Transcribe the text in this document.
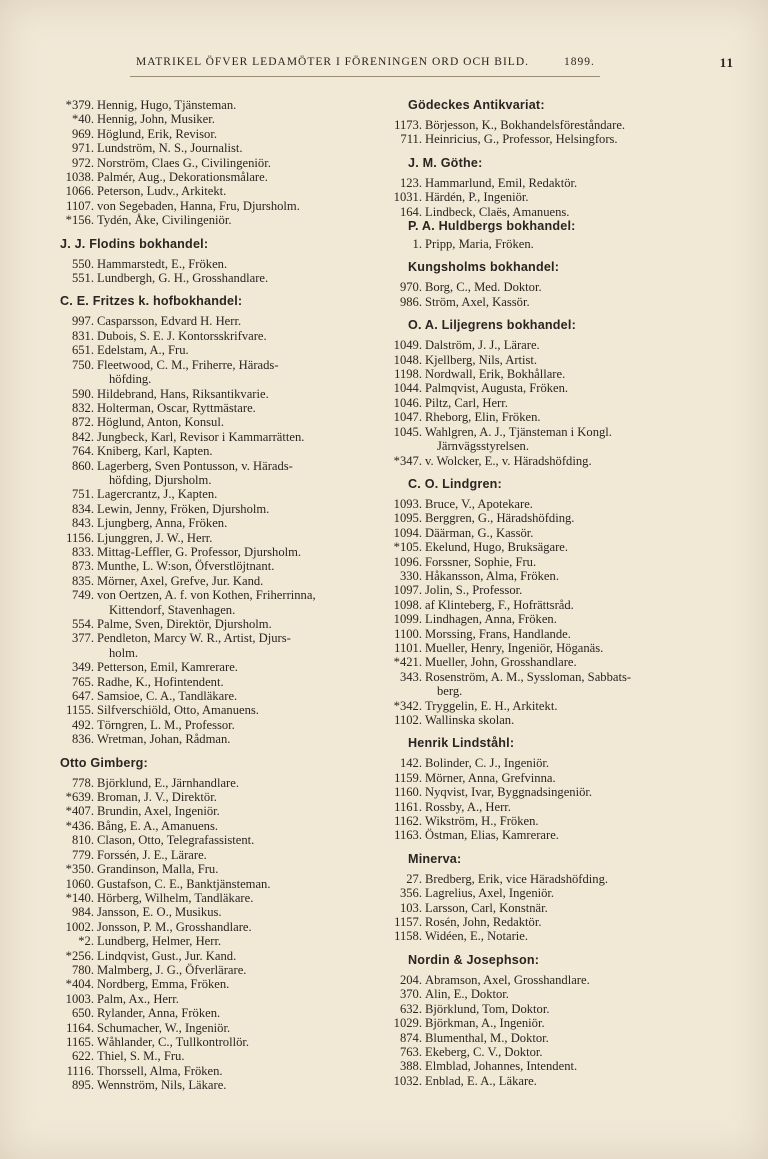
MATRIKEL ÖFVER LEDAMÖTER I FÖRENINGEN ORD OCH BILD.	1899.	11
*379. Hennig, Hugo, Tjänsteman.
*40. Hennig, John, Musiker.
969. Höglund, Erik, Revisor.
971. Lundström, N. S., Journalist.
972. Norström, Claes G., Civilingeniör.
1038. Palmér, Aug., Dekorationsmålare.
1066. Peterson, Ludv., Arkitekt.
1107. von Segebaden, Hanna, Fru, Djursholm.
*156. Tydén, Åke, Civilingeniör.
J. J. Flodins bokhandel:
550. Hammarstedt, E., Fröken.
551. Lundbergh, G. H., Grosshandlare.
C. E. Fritzes k. hofbokhandel:
997. Casparsson, Edvard H. Herr.
831. Dubois, S. E. J. Kontorsskrifvare.
651. Edelstam, A., Fru.
750. Fleetwood, C. M., Friherre, Härads-
höfding.
590. Hildebrand, Hans, Riksantikvarie.
832. Holterman, Oscar, Ryttmästare.
872. Höglund, Anton, Konsul.
842. Jungbeck, Karl, Revisor i Kammarrätten.
764. Kniberg, Karl, Kapten.
860. Lagerberg, Sven Pontusson, v. Härads-
höfding, Djursholm.
751. Lagercrantz, J., Kapten.
834. Lewin, Jenny, Fröken, Djursholm.
843. Ljungberg, Anna, Fröken.
1156. Ljunggren, J. W., Herr.
833. Mittag-Leffler, G. Professor, Djursholm.
873. Munthe, L. W:son, Öfverstlöjtnant.
835. Mörner, Axel, Grefve, Jur. Kand.
749. von Oertzen, A. f. von Kothen, Friherrinna,
Kittendorf, Stavenhagen.
554. Palme, Sven, Direktör, Djursholm.
377. Pendleton, Marcy W. R., Artist, Djurs-
holm.
349. Petterson, Emil, Kamrerare.
765. Radhe, K., Hofintendent.
647. Samsioe, C. A., Tandläkare.
1155. Silfverschiöld, Otto, Amanuens.
492. Törngren, L. M., Professor.
836. Wretman, Johan, Rådman.
Otto Gimberg:
778. Björklund, E., Järnhandlare.
*639. Broman, J. V., Direktör.
*407. Brundin, Axel, Ingeniör.
*436. Bång, E. A., Amanuens.
810. Clason, Otto, Telegrafassistent.
779. Forssén, J. E., Lärare.
*350. Grandinson, Malla, Fru.
1060. Gustafson, C. E., Banktjänsteman.
*140. Hörberg, Wilhelm, Tandläkare.
984. Jansson, E. O., Musikus.
1002. Jonsson, P. M., Grosshandlare.
*2. Lundberg, Helmer, Herr.
*256. Lindqvist, Gust., Jur. Kand.
780. Malmberg, J. G., Öfverlärare.
*404. Nordberg, Emma, Fröken.
1003. Palm, Ax., Herr.
650. Rylander, Anna, Fröken.
1164. Schumacher, W., Ingeniör.
1165. Wåhlander, C., Tullkontrollör.
622. Thiel, S. M., Fru.
1116. Thorssell, Alma, Fröken.
895. Wennström, Nils, Läkare.
Gödeckes Antikvariat:
1173. Börjesson, K., Bokhandelsföreståndare.
711. Heinricius, G., Professor, Helsingfors.
J. M. Göthe:
123. Hammarlund, Emil, Redaktör.
1031. Härdén, P., Ingeniör.
164. Lindbeck, Claës, Amanuens.
P. A. Huldbergs bokhandel:
1. Pripp, Maria, Fröken.
Kungsholms bokhandel:
970. Borg, C., Med. Doktor.
986. Ström, Axel, Kassör.
O. A. Liljegrens bokhandel:
1049. Dalström, J. J., Lärare.
1048. Kjellberg, Nils, Artist.
1198. Nordwall, Erik, Bokhållare.
1044. Palmqvist, Augusta, Fröken.
1046. Piltz, Carl, Herr.
1047. Rheborg, Elin, Fröken.
1045. Wahlgren, A. J., Tjänsteman i Kongl.
Järnvägsstyrelsen.
*347. v. Wolcker, E., v. Häradshöfding.
C. O. Lindgren:
1093. Bruce, V., Apotekare.
1095. Berggren, G., Häradshöfding.
1094. Däärman, G., Kassör.
*105. Ekelund, Hugo, Bruksägare.
1096. Forssner, Sophie, Fru.
330. Håkansson, Alma, Fröken.
1097. Jolin, S., Professor.
1098. af Klinteberg, F., Hofrättsråd.
1099. Lindhagen, Anna, Fröken.
1100. Morssing, Frans, Handlande.
1101. Mueller, Henry, Ingeniör, Höganäs.
*421. Mueller, John, Grosshandlare.
343. Rosenström, A. M., Syssloman, Sabbats-
berg.
*342. Tryggelin, E. H., Arkitekt.
1102. Wallinska skolan.
Henrik Lindståhl:
142. Bolinder, C. J., Ingeniör.
1159. Mörner, Anna, Grefvinna.
1160. Nyqvist, Ivar, Byggnadsingeniör.
1161. Rossby, A., Herr.
1162. Wikström, H., Fröken.
1163. Östman, Elias, Kamrerare.
Minerva:
27. Bredberg, Erik, vice Häradshöfding.
356. Lagrelius, Axel, Ingeniör.
103. Larsson, Carl, Konstnär.
1157. Rosén, John, Redaktör.
1158. Widéen, E., Notarie.
Nordin & Josephson:
204. Abramson, Axel, Grosshandlare.
370. Alin, E., Doktor.
632. Björklund, Tom, Doktor.
1029. Björkman, A., Ingeniör.
874. Blumenthal, M., Doktor.
763. Ekeberg, C. V., Doktor.
388. Elmblad, Johannes, Intendent.
1032. Enblad, E. A., Läkare.
